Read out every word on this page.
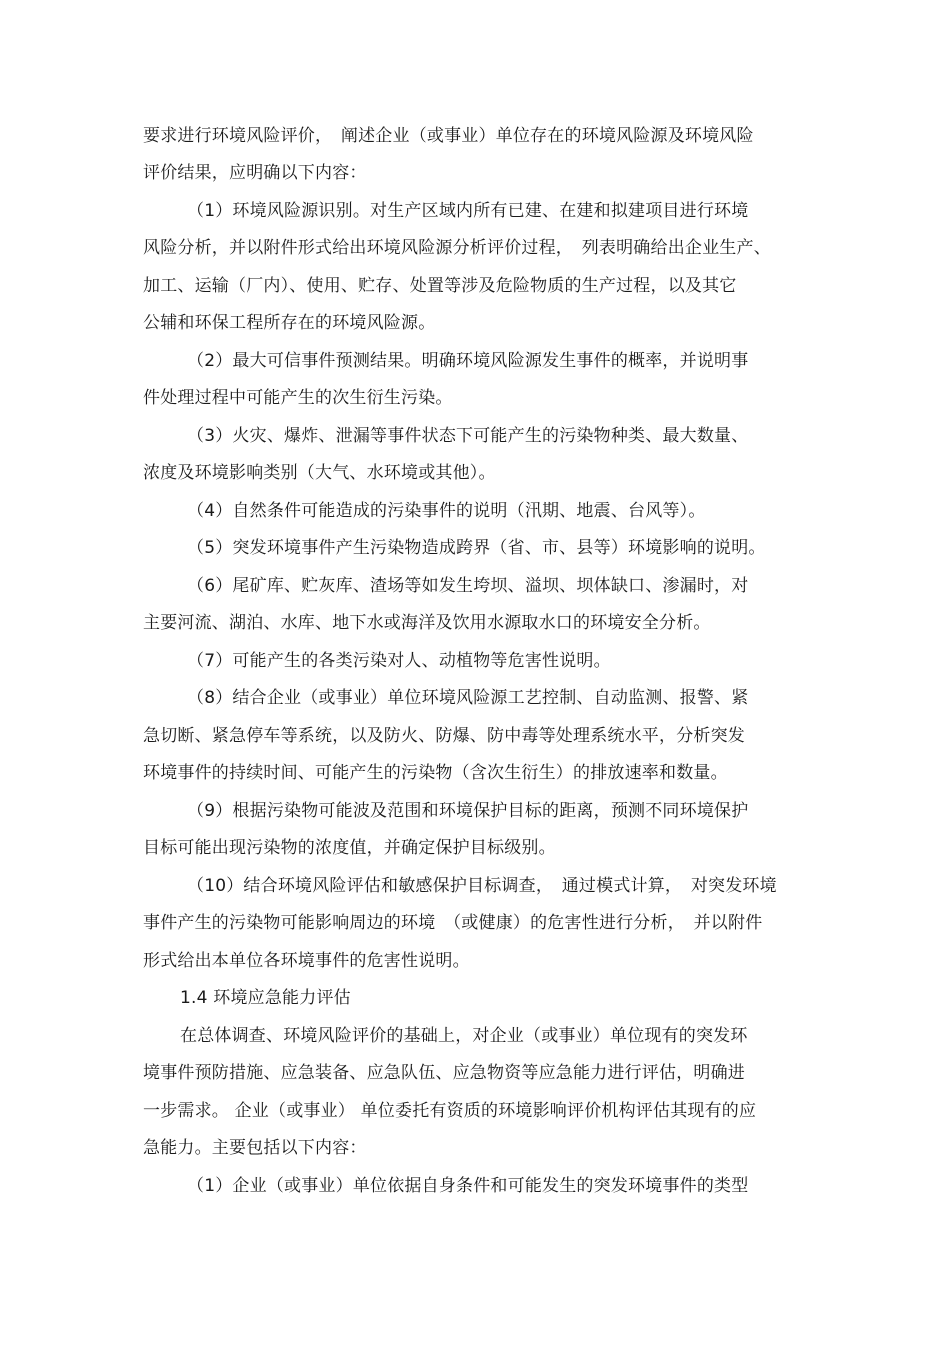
要求进行环境风险评价，　阐述企业（或事业）单位存在的环境风险源及环境风险
评价结果，应明确以下内容：
（1）环境风险源识别。对生产区域内所有已建、在建和拟建项目进行环境
风险分析，并以附件形式给出环境风险源分析评价过程，　列表明确给出企业生产、
加工、运输（厂内）、使用、贮存、处置等涉及危险物质的生产过程，以及其它
公辅和环保工程所存在的环境风险源。
（2）最大可信事件预测结果。明确环境风险源发生事件的概率，并说明事
件处理过程中可能产生的次生衍生污染。
（3）火灾、爆炸、泄漏等事件状态下可能产生的污染物种类、最大数量、
浓度及环境影响类别（大气、水环境或其他）。
（4）自然条件可能造成的污染事件的说明（汛期、地震、台风等）。
（5）突发环境事件产生污染物造成跨界（省、市、县等）环境影响的说明。
（6）尾矿库、贮灰库、渣场等如发生垮坝、溢坝、坝体缺口、渗漏时，对
主要河流、湖泊、水库、地下水或海洋及饮用水源取水口的环境安全分析。
（7）可能产生的各类污染对人、动植物等危害性说明。
（8）结合企业（或事业）单位环境风险源工艺控制、自动监测、报警、紧
急切断、紧急停车等系统，以及防火、防爆、防中毒等处理系统水平，分析突发
环境事件的持续时间、可能产生的污染物（含次生衍生）的排放速率和数量。
（9）根据污染物可能波及范围和环境保护目标的距离，预测不同环境保护
目标可能出现污染物的浓度值，并确定保护目标级别。
（10）结合环境风险评估和敏感保护目标调查，　通过模式计算，　对突发环境
事件产生的污染物可能影响周边的环境　（或健康）的危害性进行分析，　并以附件
形式给出本单位各环境事件的危害性说明。
1.4 环境应急能力评估
在总体调查、环境风险评价的基础上，对企业（或事业）单位现有的突发环
境事件预防措施、应急装备、应急队伍、应急物资等应急能力进行评估，明确进
一步需求。 企业（或事业） 单位委托有资质的环境影响评价机构评估其现有的应
急能力。主要包括以下内容：
（1）企业（或事业）单位依据自身条件和可能发生的突发环境事件的类型
